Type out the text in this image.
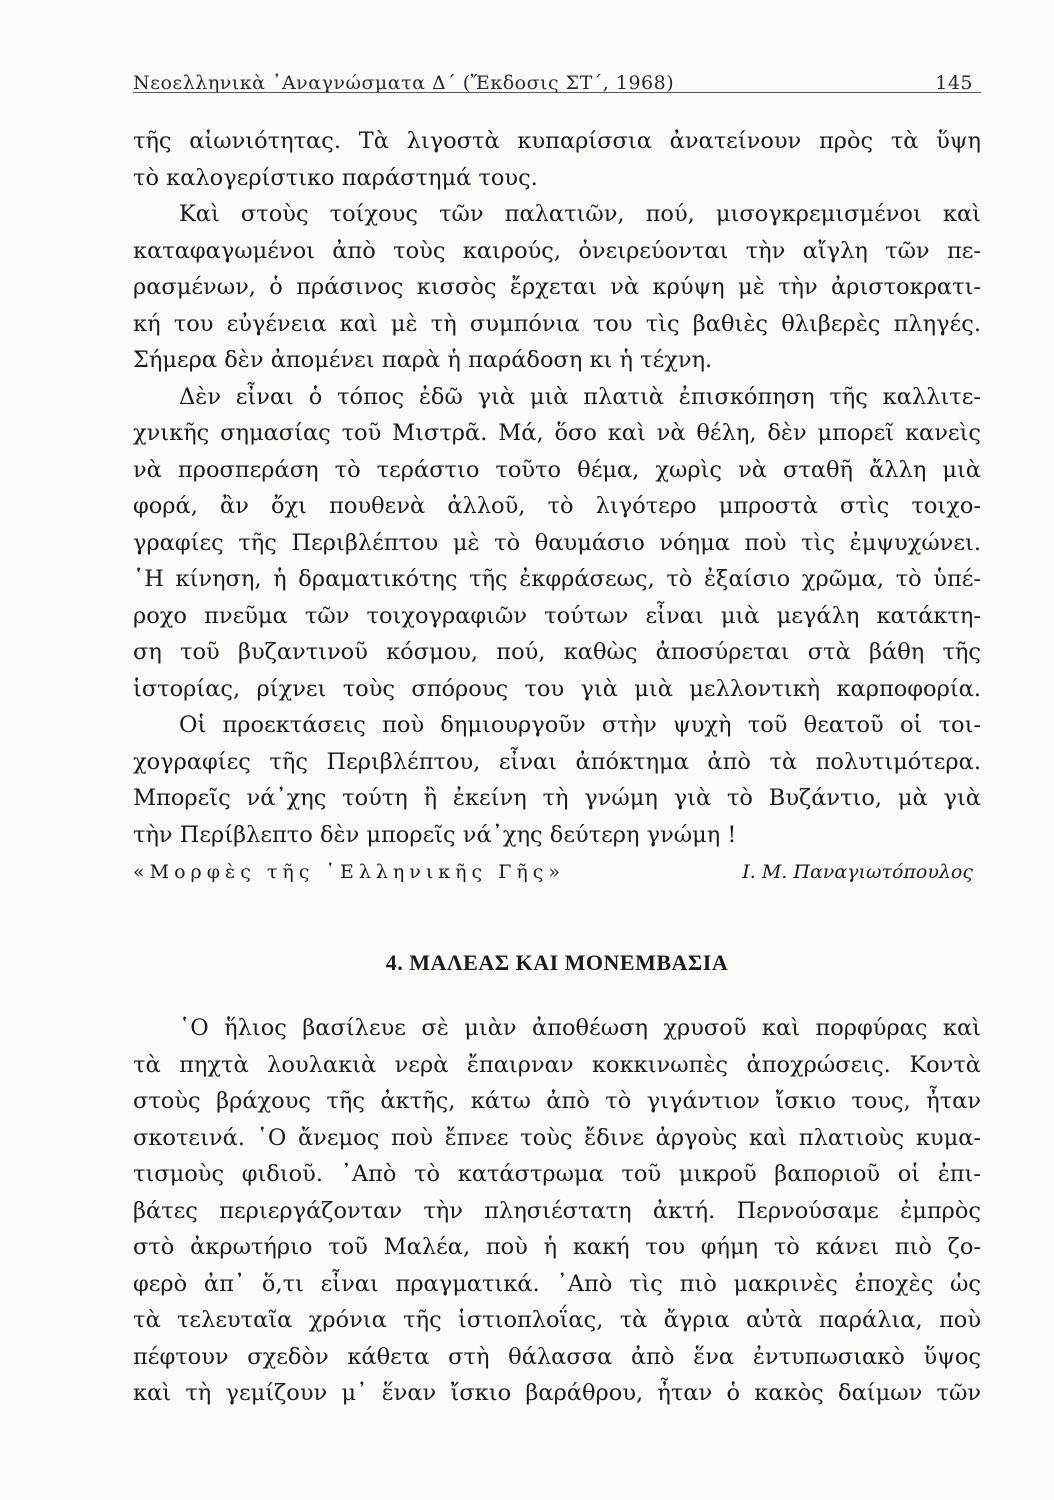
Νεοελληνικὰ ᾿Αναγνώσματα Δ΄ (Ἔκδοσις ΣΤ΄, 1968)	145
τῆς αἰωνιότητας. Τὰ λιγοστὰ κυπαρίσσια ἀνατείνουν πρὸς τὰ ὕψη
τὸ καλογερίστικο παράστημά τους.
Καὶ στοὺς τοίχους τῶν παλατιῶν, πού, μισογκρεμισμένοι καὶ
καταφαγωμένοι ἀπὸ τοὺς καιρούς, ὀνειρεύονται τὴν αἴγλη τῶν πε-
ρασμένων, ὁ πράσινος κισσὸς ἔρχεται νὰ κρύψη μὲ τὴν ἀριστοκρατι-
κή του εὐγένεια καὶ μὲ τὴ συμπόνια του τὶς βαθιὲς θλιβερὲς πληγές.
Σήμερα δὲν ἀπομένει παρὰ ἡ παράδοση κι ἡ τέχνη.
Δὲν εἶναι ὁ τόπος ἐδῶ γιὰ μιὰ πλατιὰ ἐπισκόπηση τῆς καλλιτε-
χνικῆς σημασίας τοῦ Μιστρᾶ. Μά, ὅσο καὶ νὰ θέλη, δὲν μπορεῖ κανεὶς
νὰ προσπεράση τὸ τεράστιο τοῦτο θέμα, χωρὶς νὰ σταθῆ ἄλλη μιὰ
φορά, ἂν ὄχι πουθενὰ ἀλλοῦ, τὸ λιγότερο μπροστὰ στὶς τοιχο-
γραφίες τῆς Περιβλέπτου μὲ τὸ θαυμάσιο νόημα ποὺ τὶς ἐμψυχώνει.
῾Η κίνηση, ἡ δραματικότης τῆς ἐκφράσεως, τὸ ἐξαίσιο χρῶμα, τὸ ὑπέ-
ροχο πνεῦμα τῶν τοιχογραφιῶν τούτων εἶναι μιὰ μεγάλη κατάκτη-
ση τοῦ βυζαντινοῦ κόσμου, πού, καθὼς ἀποσύρεται στὰ βάθη τῆς
ἱστορίας, ρίχνει τοὺς σπόρους του γιὰ μιὰ μελλοντικὴ καρποφορία.
Οἱ προεκτάσεις ποὺ δημιουργοῦν στὴν ψυχὴ τοῦ θεατοῦ οἱ τοι-
χογραφίες τῆς Περιβλέπτου, εἶναι ἀπόκτημα ἀπὸ τὰ πολυτιμότερα.
Μπορεῖς νά᾿χης τούτη ἢ ἐκείνη τὴ γνώμη γιὰ τὸ Βυζάντιο, μὰ γιὰ
τὴν Περίβλεπτο δὲν μπορεῖς νά᾿χης δεύτερη γνώμη !
«Μορφὲς τῆς ῾Ελληνικῆς Γῆς»	Ι. Μ. Παναγιωτόπουλος
4. ΜΑΛΕΑΣ ΚΑΙ ΜΟΝΕΜΒΑΣΙΑ
῾Ο ἥλιος βασίλευε σὲ μιὰν ἀποθέωση χρυσοῦ καὶ πορφύρας καὶ
τὰ πηχτὰ λουλακιὰ νερὰ ἔπαιρναν κοκκινωπὲς ἀποχρώσεις. Κοντὰ
στοὺς βράχους τῆς ἀκτῆς, κάτω ἀπὸ τὸ γιγάντιον ἴσκιο τους, ἦταν
σκοτεινά. ῾Ο ἄνεμος ποὺ ἔπνεε τοὺς ἔδινε ἀργοὺς καὶ πλατιοὺς κυμα-
τισμοὺς φιδιοῦ. ᾿Απὸ τὸ κατάστρωμα τοῦ μικροῦ βαποριοῦ οἱ ἐπι-
βάτες περιεργάζονταν τὴν πλησιέστατη ἀκτή. Περνούσαμε ἐμπρὸς
στὸ ἀκρωτήριο τοῦ Μαλέα, ποὺ ἡ κακή του φήμη τὸ κάνει πιὸ ζο-
φερὸ ἀπ᾿ ὅ,τι εἶναι πραγματικά. ᾿Απὸ τὶς πιὸ μακρινὲς ἐποχὲς ὡς
τὰ τελευταῖα χρόνια τῆς ἱστιοπλοΐας, τὰ ἄγρια αὐτὰ παράλια, ποὺ
πέφτουν σχεδὸν κάθετα στὴ θάλασσα ἀπὸ ἕνα ἐντυπωσιακὸ ὕψος
καὶ τὴ γεμίζουν μ᾿ ἕναν ἴσκιο βαράθρου, ἦταν ὁ κακὸς δαίμων τῶν
